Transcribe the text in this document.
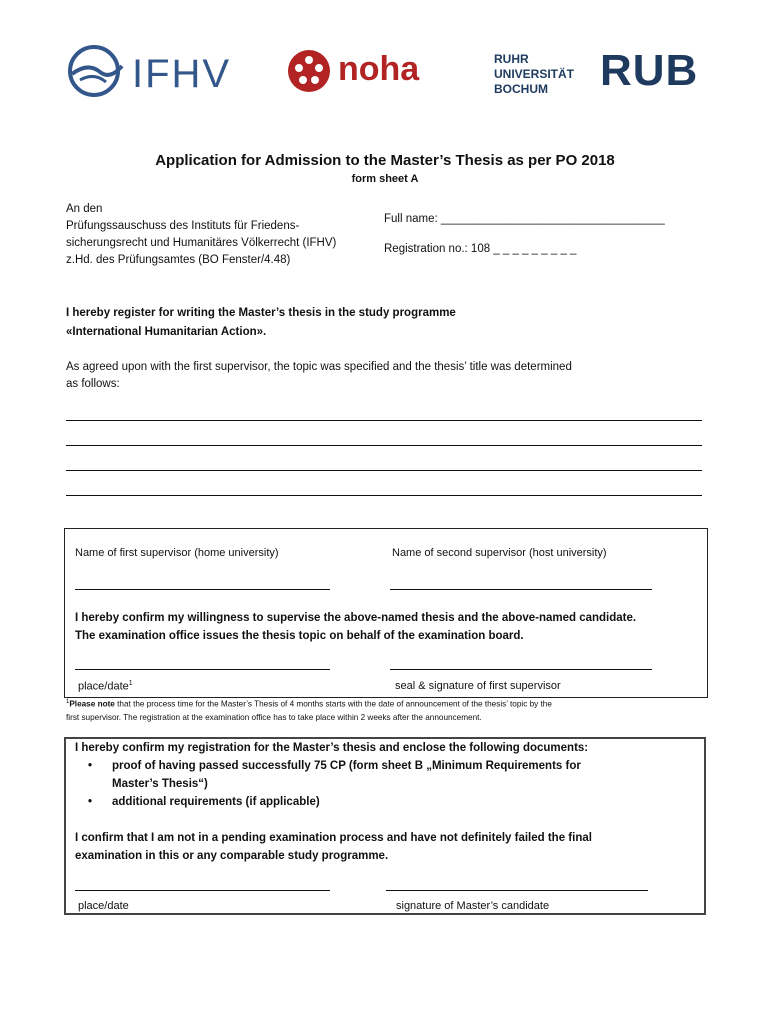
IFHV	noha	RUHR
UNIVERSITÄT
BOCHUM	RUB
Application for Admission to the Master’s Thesis as per PO 2018
form sheet A
An den
Prüfungssauschuss des Instituts für Friedens-
sicherungsrecht und Humanitäres Völkerrecht (IFHV)
z.Hd. des Prüfungsamtes (BO Fenster/4.48)
Full name: ___________________________________
Registration no.: 108 _ _ _ _ _ _ _ _ _
I hereby register for writing the Master’s thesis in the study programme
«International Humanitarian Action».
As agreed upon with the first supervisor, the topic was specified and the thesis’ title was determined
as follows:
Name of first supervisor (home university)	Name of second supervisor (host university)
I hereby confirm my willingness to supervise the above-named thesis and the above-named candidate.
The examination office issues the thesis topic on behalf of the examination board.
place/date$^1$	seal & signature of first supervisor
$^1$Please note that the process time for the Master’s Thesis of 4 months starts with the date of announcement of the thesis’ topic by the
first supervisor. The registration at the examination office has to take place within 2 weeks after the announcement.
I hereby confirm my registration for the Master’s thesis and enclose the following documents:
• proof of having passed successfully 75 CP (form sheet B „Minimum Requirements for
Master’s Thesis“)
• additional requirements (if applicable)
I confirm that I am not in a pending examination process and have not definitely failed the final
examination in this or any comparable study programme.
place/date	signature of Master’s candidate
